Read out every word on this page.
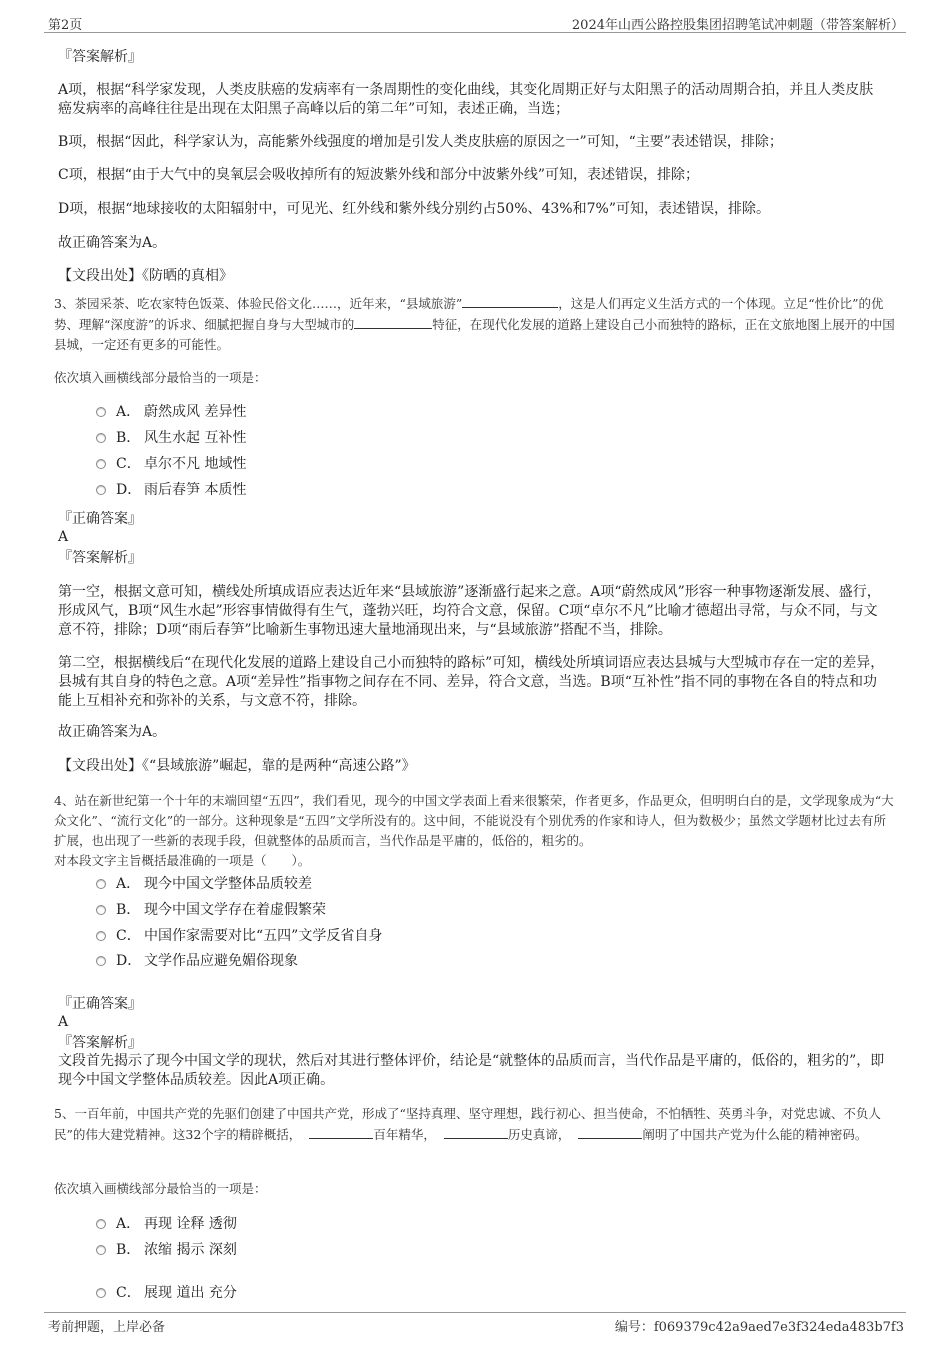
第2页	2024年山西公路控股集团招聘笔试冲刺题（带答案解析）
『答案解析』
A项，根据“科学家发现，人类皮肤癌的发病率有一条周期性的变化曲线，其变化周期正好与太阳黑子的活动周期合拍，并且人类皮肤癌发病率的高峰往往是出现在太阳黑子高峰以后的第二年”可知，表述正确，当选；
B项，根据“因此，科学家认为，高能紫外线强度的增加是引发人类皮肤癌的原因之一”可知，“主要”表述错误，排除；
C项，根据“由于大气中的臭氧层会吸收掉所有的短波紫外线和部分中波紫外线”可知，表述错误，排除；
D项，根据“地球接收的太阳辐射中，可见光、红外线和紫外线分别约占50%、43%和7%”可知，表述错误，排除。
故正确答案为A。
【文段出处】《防晒的真相》
3、茶园采茶、吃农家特色饭菜、体验民俗文化……，近年来，“县域旅游”	，这是人们再定义生活方式的一个体现。立足“性价比”的优势、理解“深度游”的诉求、细腻把握自身与大型城市的	特征，在现代化发展的道路上建设自己小而独特的路标，正在文旅地图上展开的中国县城，一定还有更多的可能性。
依次填入画横线部分最恰当的一项是：
A． 蔚然成风 差异性
B． 风生水起 互补性
C． 卓尔不凡 地域性
D． 雨后春笋 本质性
『正确答案』
A
『答案解析』
第一空，根据文意可知，横线处所填成语应表达近年来“县域旅游”逐渐盛行起来之意。A项“蔚然成风”形容一种事物逐渐发展、盛行，形成风气，B项“风生水起”形容事情做得有生气，蓬勃兴旺，均符合文意，保留。C项“卓尔不凡”比喻才德超出寻常，与众不同，与文意不符，排除；D项“雨后春笋”比喻新生事物迅速大量地涌现出来，与“县域旅游”搭配不当，排除。
第二空，根据横线后“在现代化发展的道路上建设自己小而独特的路标”可知，横线处所填词语应表达县城与大型城市存在一定的差异，县城有其自身的特色之意。A项“差异性”指事物之间存在不同、差异，符合文意，当选。B项“互补性”指不同的事物在各自的特点和功能上互相补充和弥补的关系，与文意不符，排除。
故正确答案为A。
【文段出处】《“县域旅游”崛起，靠的是两种“高速公路”》
4、站在新世纪第一个十年的末端回望“五四”，我们看见，现今的中国文学表面上看来很繁荣，作者更多，作品更众，但明明白白的是，文学现象成为“大众文化”、“流行文化”的一部分。这种现象是“五四”文学所没有的。这中间，不能说没有个别优秀的作家和诗人，但为数极少；虽然文学题材比过去有所扩展，也出现了一些新的表现手段，但就整体的品质而言，当代作品是平庸的，低俗的，粗劣的。
对本段文字主旨概括最准确的一项是（　　）。
A． 现今中国文学整体品质较差
B． 现今中国文学存在着虚假繁荣
C． 中国作家需要对比“五四”文学反省自身
D． 文学作品应避免媚俗现象
『正确答案』
A
『答案解析』
文段首先揭示了现今中国文学的现状，然后对其进行整体评价，结论是“就整体的品质而言，当代作品是平庸的，低俗的，粗劣的”，即现今中国文学整体品质较差。因此A项正确。
5、一百年前，中国共产党的先驱们创建了中国共产党，形成了“坚持真理、坚守理想，践行初心、担当使命，不怕牺牲、英勇斗争，对党忠诚、不负人民”的伟大建党精神。这32个字的精辟概括，	百年精华，	历史真谛，	阐明了中国共产党为什么能的精神密码。
依次填入画横线部分最恰当的一项是：
A． 再现 诠释 透彻
B． 浓缩 揭示 深刻
C． 展现 道出 充分
考前押题，上岸必备	编号：f069379c42a9aed7e3f324eda483b7f3
